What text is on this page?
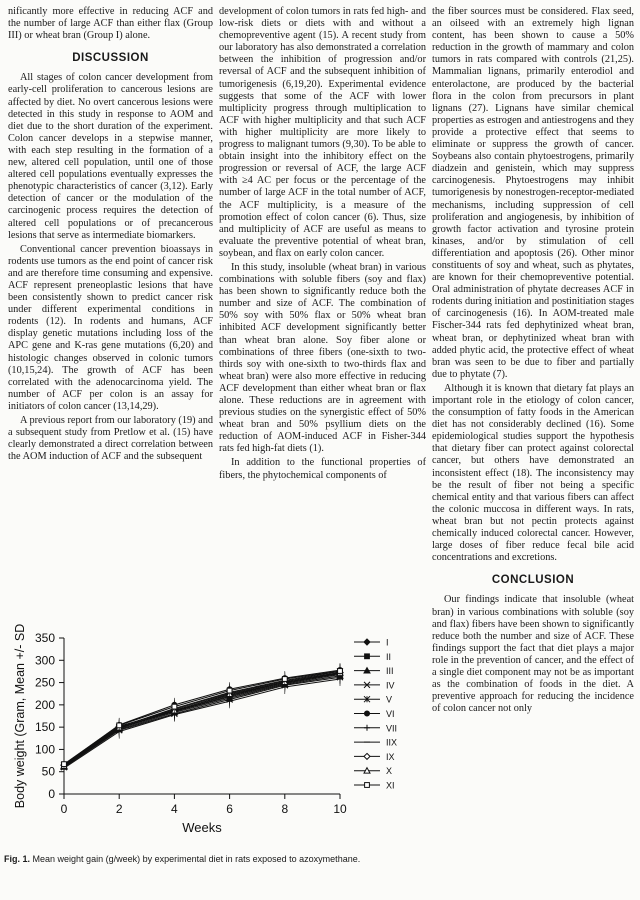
nificantly more effective in reducing ACF and the number of large ACF than either flax (Group III) or wheat bran (Group I) alone.

DISCUSSION

All stages of colon cancer development from early-cell proliferation to cancerous lesions are affected by diet. No overt cancerous lesions were detected in this study in response to AOM and diet due to the short duration of the experiment. Colon cancer develops in a stepwise manner, with each step resulting in the formation of a new, altered cell population, until one of those altered cell populations eventually expresses the phenotypic characteristics of cancer (3,12). Early detection of cancer or the modulation of the carcinogenic process requires the detection of altered cell populations or of precancerous lesions that serve as intermediate biomarkers.

Conventional cancer prevention bioassays in rodents use tumors as the end point of cancer risk and are therefore time consuming and expensive. ACF represent preneoplastic lesions that have been consistently shown to predict cancer risk under different experimental conditions in rodents (12). In rodents and humans, ACF display genetic mutations including loss of the APC gene and K-ras gene mutations (6,20) and histologic changes observed in colonic tumors (10,15,24). The growth of ACF has been correlated with the adenocarcinoma yield. The number of ACF per colon is an assay for initiators of colon cancer (13,14,29).

A previous report from our laboratory (19) and a subsequent study from Pretlow et al. (15) have clearly demonstrated a direct correlation between the AOM induction of ACF and the subsequent

development of colon tumors in rats fed high- and low-risk diets or diets with and without a chemopreventive agent (15). A recent study from our laboratory has also demonstrated a correlation between the inhibition of progression and/or reversal of ACF and the subsequent inhibition of tumorigenesis (6,19,20). Experimental evidence suggests that some of the ACF with lower multiplicity progress through multiplication to ACF with higher multiplicity and that such ACF with higher multiplicity are more likely to progress to malignant tumors (9,30). To be able to obtain insight into the inhibitory effect on the progression or reversal of ACF, the large ACF with ≥4 AC per focus or the percentage of the number of large ACF in the total number of ACF, the ACF multiplicity, is a measure of the promotion effect of colon cancer (6). Thus, size and multiplicity of ACF are useful as means to evaluate the preventive potential of wheat bran, soybean, and flax on early colon cancer.

In this study, insoluble (wheat bran) in various combinations with soluble fibers (soy and flax) has been shown to significantly reduce both the number and size of ACF. The combination of 50% soy with 50% flax or 50% wheat bran inhibited ACF development significantly better than wheat bran alone. Soy fiber alone or combinations of three fibers (one-sixth to two-thirds soy with one-sixth to two-thirds flax and wheat bran) were also more effective in reducing ACF development than either wheat bran or flax alone. These reductions are in agreement with previous studies on the synergistic effect of 50% wheat bran and 50% psyllium diets on the reduction of AOM-induced ACF in Fisher-344 rats fed high-fat diets (1).

In addition to the functional properties of fibers, the phytochemical components of

the fiber sources must be considered. Flax seed, an oilseed with an extremely high lignan content, has been shown to cause a 50% reduction in the growth of mammary and colon tumors in rats compared with controls (21,25). Mammalian lignans, primarily enterodiol and enterolactone, are produced by the bacterial flora in the colon from precursors in plant lignans (27). Lignans have similar chemical properties as estrogen and antiestrogens and they provide a protective effect that seems to eliminate or suppress the growth of cancer. Soybeans also contain phytoestrogens, primarily diadzein and genistein, which may suppress carcinogenesis. Phytoestrogens may inhibit tumorigenesis by nonestrogen-receptor-mediated mechanisms, including suppression of cell proliferation and angiogenesis, by inhibition of growth factor activation and tyrosine protein kinases, and/or by stimulation of cell differentiation and apoptosis (26). Other minor constituents of soy and wheat, such as phytates, are known for their chemopreventive potential. Oral administration of phytate decreases ACF in rodents during initiation and postinitiation stages of carcinogenesis (16). In AOM-treated male Fischer-344 rats fed dephytinized wheat bran, wheat bran, or dephytinized wheat bran with added phytic acid, the protective effect of wheat bran was seen to be due to fiber and partially due to phytate (7).

Although it is known that dietary fat plays an important role in the etiology of colon cancer, the consumption of fatty foods in the American diet has not considerably declined (16). Some epidemiological studies support the hypothesis that dietary fiber can protect against colorectal cancer, but others have demonstrated an inconsistent effect (18). The inconsistency may be the result of fiber not being a specific chemical entity and that various fibers can affect the colonic muccosa in different ways. In rats, wheat bran but not pectin protects against chemically induced colorectal cancer. However, large doses of fiber reduce fecal bile acid concentrations and excretions.

CONCLUSION

Our findings indicate that insoluble (wheat bran) in various combinations with soluble (soy and flax) fibers have been shown to significantly reduce both the number and size of ACF. These findings support the fact that diet plays a major role in the prevention of cancer, and the effect of a single diet component may not be as important as the combination of foods in the diet. A preventive approach for reducing the incidence of colon cancer not only

0
50
100
150
200
250
300
350
0	2	4	6	8	10
Weeks
Body weight (Gram, Mean +/- SD	I
II
III
IV
V
VI
VII
IIX
IX
X
XI
Fig. 1. Mean weight gain (g/week) by experimental diet in rats exposed to azoxymethane.
